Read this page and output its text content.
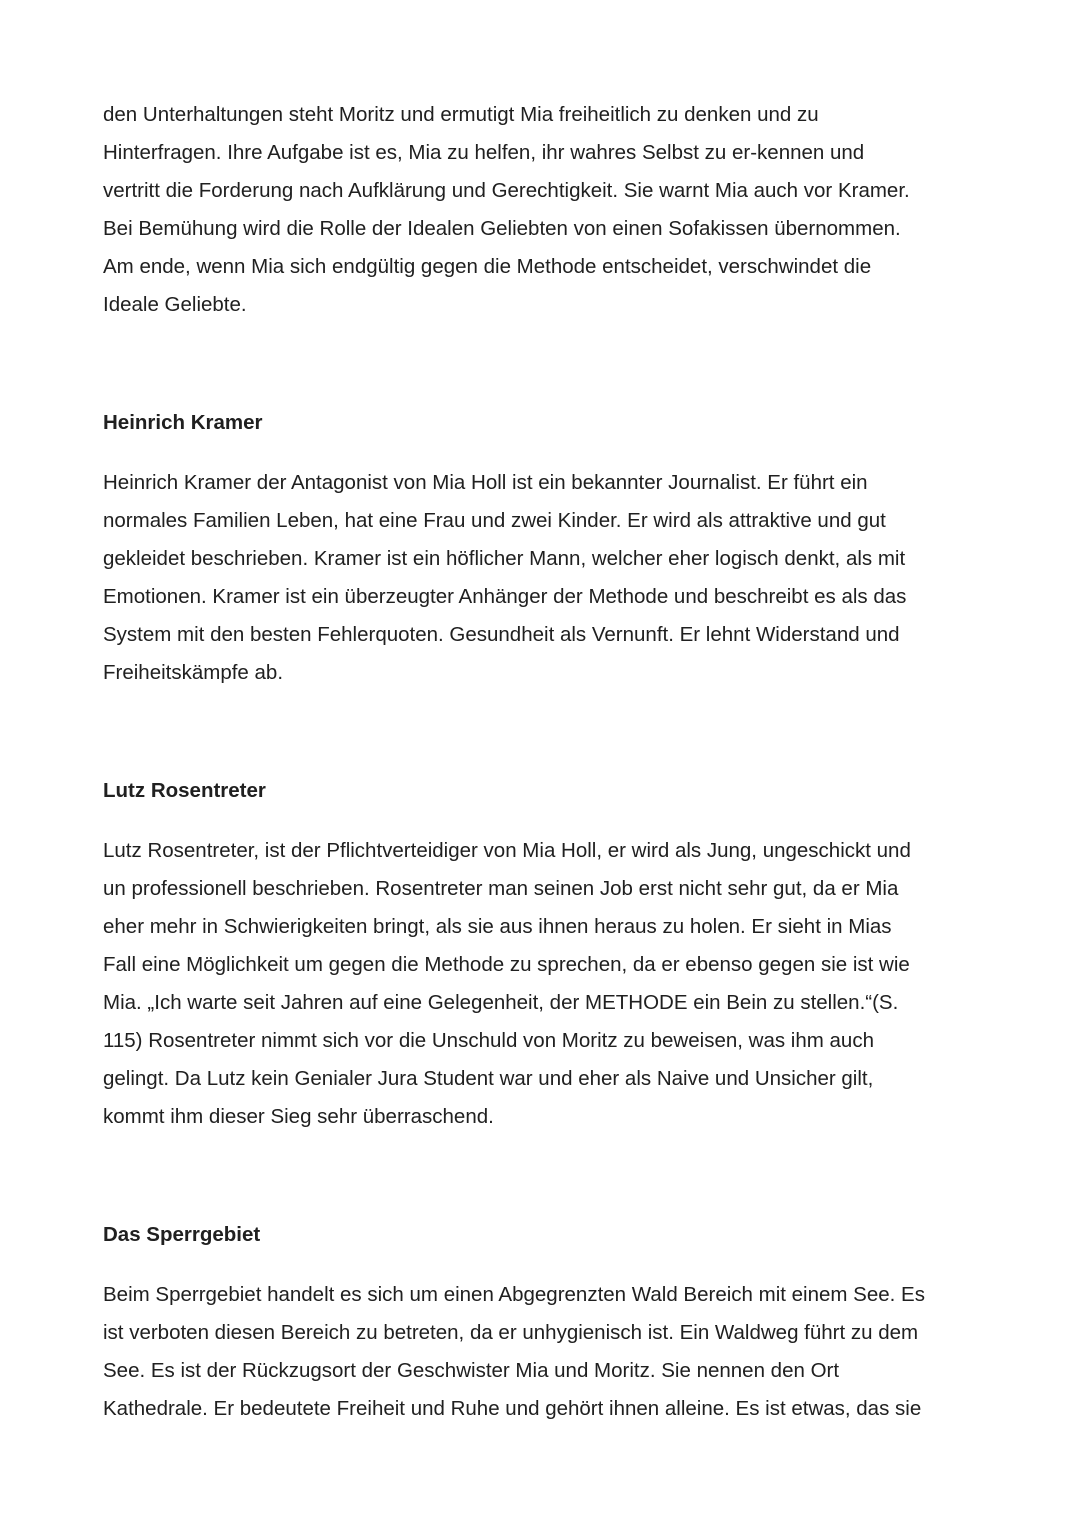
den Unterhaltungen steht Moritz und ermutigt Mia freiheitlich zu denken und zu
Hinterfragen. Ihre Aufgabe ist es, Mia zu helfen, ihr wahres Selbst zu er-kennen und
vertritt die Forderung nach Aufklärung und Gerechtigkeit. Sie warnt Mia auch vor Kramer.
Bei Bemühung wird die Rolle der Idealen Geliebten von einen Sofakissen übernommen.
Am ende, wenn Mia sich endgültig gegen die Methode entscheidet, verschwindet die
Ideale Geliebte.

Heinrich Kramer

Heinrich Kramer der Antagonist von Mia Holl ist ein bekannter Journalist. Er führt ein
normales Familien Leben, hat eine Frau und zwei Kinder. Er wird als attraktive und gut
gekleidet beschrieben. Kramer ist ein höflicher Mann, welcher eher logisch denkt, als mit
Emotionen. Kramer ist ein überzeugter Anhänger der Methode und beschreibt es als das
System mit den besten Fehlerquoten. Gesundheit als Vernunft. Er lehnt Widerstand und
Freiheitskämpfe ab.

Lutz Rosentreter

Lutz Rosentreter, ist der Pflichtverteidiger von Mia Holl, er wird als Jung, ungeschickt und
un professionell beschrieben. Rosentreter man seinen Job erst nicht sehr gut, da er Mia
eher mehr in Schwierigkeiten bringt, als sie aus ihnen heraus zu holen. Er sieht in Mias
Fall eine Möglichkeit um gegen die Methode zu sprechen, da er ebenso gegen sie ist wie
Mia. „Ich warte seit Jahren auf eine Gelegenheit, der METHODE ein Bein zu stellen.“(S.
115) Rosentreter nimmt sich vor die Unschuld von Moritz zu beweisen, was ihm auch
gelingt. Da Lutz kein Genialer Jura Student war und eher als Naive und Unsicher gilt,
kommt ihm dieser Sieg sehr überraschend.

Das Sperrgebiet

Beim Sperrgebiet handelt es sich um einen Abgegrenzten Wald Bereich mit einem See. Es
ist verboten diesen Bereich zu betreten, da er unhygienisch ist. Ein Waldweg führt zu dem
See. Es ist der Rückzugsort der Geschwister Mia und Moritz. Sie nennen den Ort
Kathedrale. Er bedeutete Freiheit und Ruhe und gehört ihnen alleine. Es ist etwas, das sie
